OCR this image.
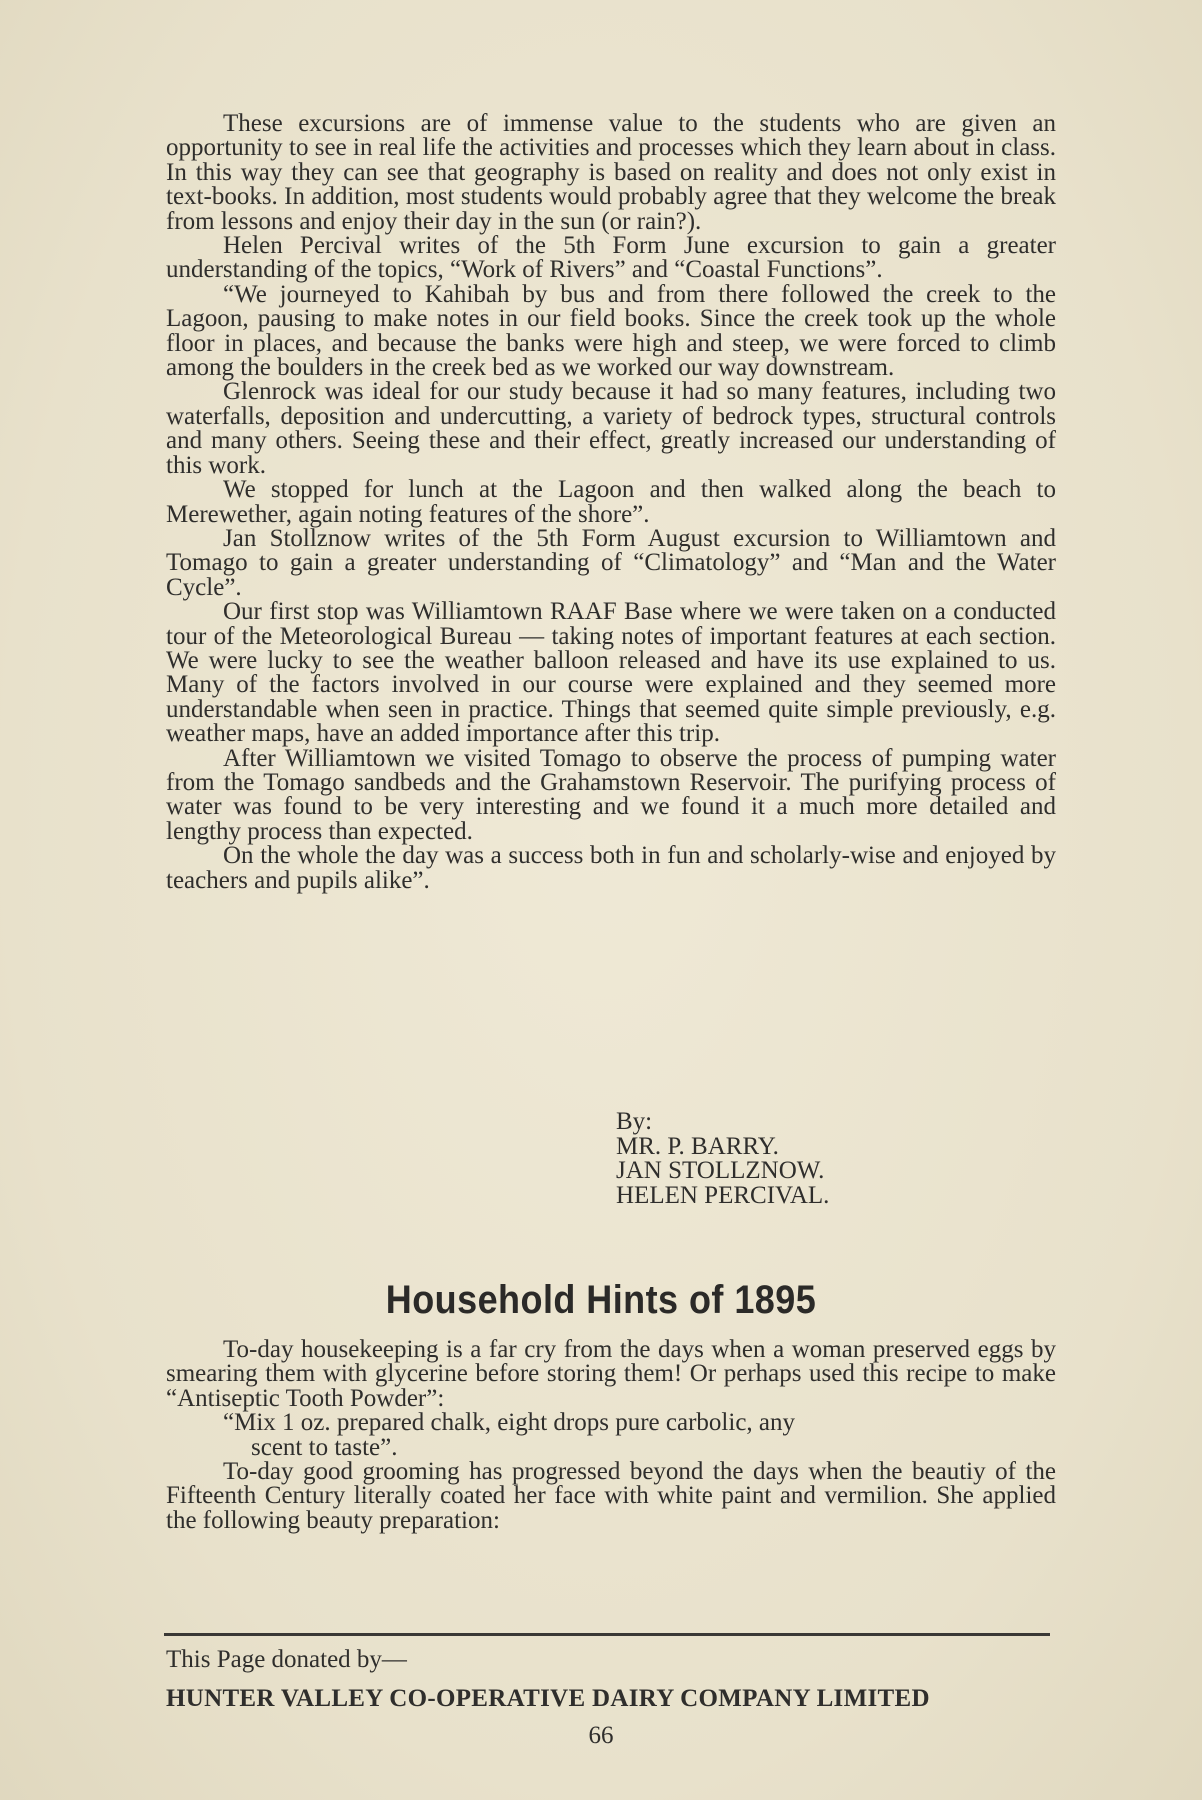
These excursions are of immense value to the students who are given an opportunity to see in real life the activities and processes which they learn about in class. In this way they can see that geography is based on reality and does not only exist in text-books. In addition, most students would probably agree that they welcome the break from lessons and enjoy their day in the sun (or rain?).

Helen Percival writes of the 5th Form June excursion to gain a greater understanding of the topics, “Work of Rivers” and “Coastal Functions”.

“We journeyed to Kahibah by bus and from there followed the creek to the Lagoon, pausing to make notes in our field books. Since the creek took up the whole floor in places, and because the banks were high and steep, we were forced to climb among the boulders in the creek bed as we worked our way downstream.

Glenrock was ideal for our study because it had so many features, including two waterfalls, deposition and undercutting, a variety of bedrock types, structural controls and many others. Seeing these and their effect, greatly increased our understanding of this work.

We stopped for lunch at the Lagoon and then walked along the beach to Merewether, again noting features of the shore”.

Jan Stollznow writes of the 5th Form August excursion to Williamtown and Tomago to gain a greater understanding of “Climatology” and “Man and the Water Cycle”.

Our first stop was Williamtown RAAF Base where we were taken on a conducted tour of the Meteorological Bureau — taking notes of important features at each section. We were lucky to see the weather balloon released and have its use explained to us. Many of the factors involved in our course were explained and they seemed more understandable when seen in practice. Things that seemed quite simple previously, e.g. weather maps, have an added importance after this trip.

After Williamtown we visited Tomago to observe the process of pumping water from the Tomago sandbeds and the Grahamstown Reservoir. The purifying process of water was found to be very interesting and we found it a much more detailed and lengthy process than expected.

On the whole the day was a success both in fun and scholarly-wise and enjoyed by teachers and pupils alike”.

By:
MR. P. BARRY.
JAN STOLLZNOW.
HELEN PERCIVAL.
Household Hints of 1895

To-day housekeeping is a far cry from the days when a woman preserved eggs by smearing them with glycerine before storing them! Or perhaps used this recipe to make “Antiseptic Tooth Powder”:

“Mix 1 oz. prepared chalk, eight drops pure carbolic, any
scent to taste”.

To-day good grooming has progressed beyond the days when the beautiy of the Fifteenth Century literally coated her face with white paint and vermilion. She applied the following beauty preparation:

This Page donated by—
HUNTER VALLEY CO-OPERATIVE DAIRY COMPANY LIMITED
66
